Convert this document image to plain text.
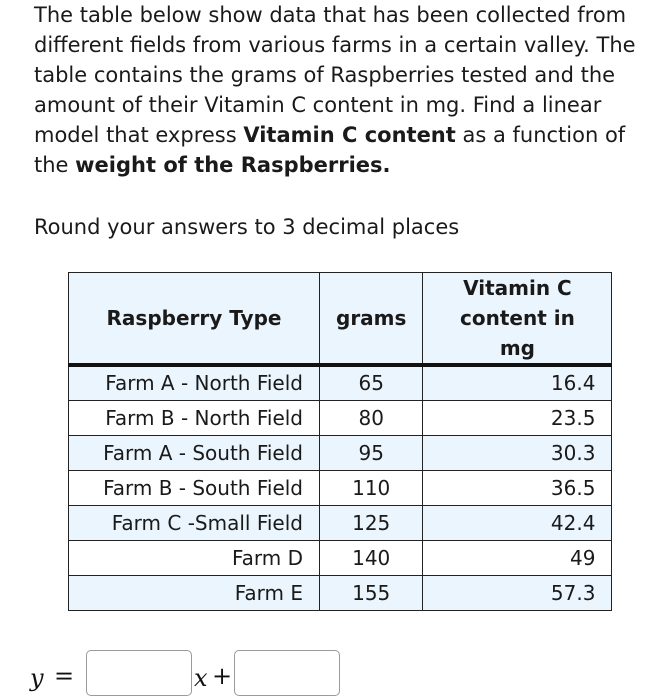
The table below show data that has been collected from different fields from various farms in a certain valley. The table contains the grams of Raspberries tested and the amount of their Vitamin C content in mg. Find a linear model that express Vitamin C content as a function of the weight of the Raspberries.

Round your answers to 3 decimal places

Raspberry Type	grams	Vitamin C
content in mg
Farm A - North Field	65	16.4
Farm B - North Field	80	23.5
Farm A - South Field	95	30.3
Farm B - South Field	110	36.5
Farm C -Small Field	125	42.4
Farm D	140	49
Farm E	155	57.3
y =	x +
